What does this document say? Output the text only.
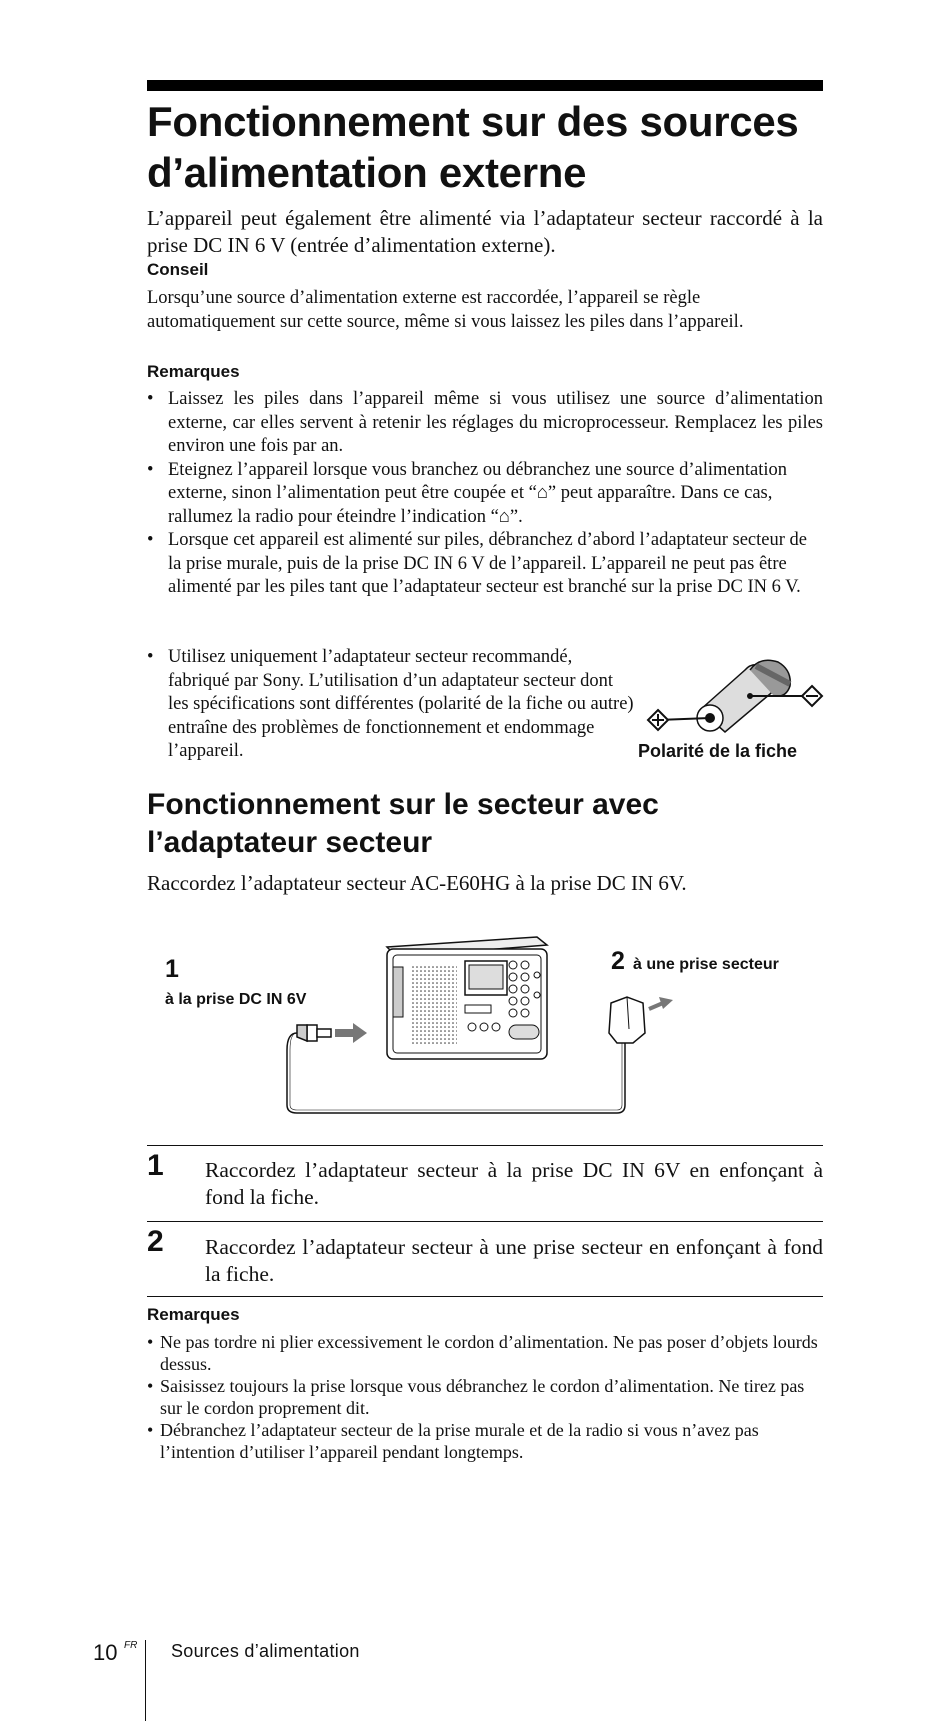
Fonctionnement sur des sources d’alimentation externe

L’appareil peut également être alimenté via l’adaptateur secteur raccordé à la prise DC IN 6 V (entrée d’alimentation externe).

Conseil

Lorsqu’une source d’alimentation externe est raccordée, l’appareil se règle automatiquement sur cette source, même si vous laissez les piles dans l’appareil.

Remarques

• Laissez les piles dans l’appareil même si vous utilisez une source d’alimentation externe, car elles servent à retenir les réglages du microprocesseur. Remplacez les piles environ une fois par an.
• Eteignez l’appareil lorsque vous branchez ou débranchez une source d’alimentation externe, sinon l’alimentation peut être coupée et “⌂” peut apparaître. Dans ce cas, rallumez la radio pour éteindre l’indication “⌂”.
• Lorsque cet appareil est alimenté sur piles, débranchez d’abord l’adaptateur secteur de la prise murale, puis de la prise DC IN 6 V de l’appareil. L’appareil ne peut pas être alimenté par les piles tant que l’adaptateur secteur est branché sur la prise DC IN 6 V.
• Utilisez uniquement l’adaptateur secteur recommandé, fabriqué par Sony. L’utilisation d’un adaptateur secteur dont les spécifications sont différentes (polarité de la fiche ou autre) entraîne des problèmes de fonctionnement et endommage l’appareil.	Polarité de la fiche

Fonctionnement sur le secteur avec l’adaptateur secteur

Raccordez l’adaptateur secteur AC-E60HG à la prise DC IN 6V.

1
à la prise DC IN 6V
2 à une prise secteur
1 Raccordez l’adaptateur secteur à la prise DC IN 6V en enfonçant à fond la fiche.

2 Raccordez l’adaptateur secteur à une prise secteur en enfonçant à fond la fiche.

Remarques

• Ne pas tordre ni plier excessivement le cordon d’alimentation. Ne pas poser d’objets lourds dessus.
• Saisissez toujours la prise lorsque vous débranchez le cordon d’alimentation. Ne tirez pas sur le cordon proprement dit.
• Débranchez l’adaptateur secteur de la prise murale et de la radio si vous n’avez pas l’intention d’utiliser l’appareil pendant longtemps.
10 FR Sources d’alimentation
